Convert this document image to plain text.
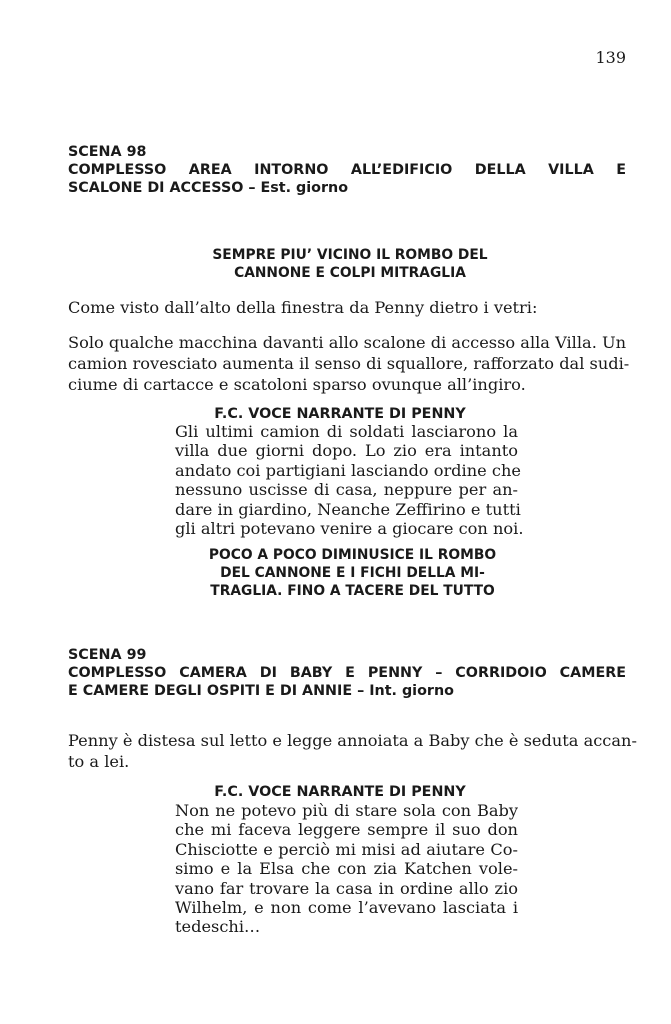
139
SCENA 98
COMPLESSO AREA INTORNO ALL’EDIFICIO DELLA VILLA E
SCALONE DI ACCESSO – Est. giorno
SEMPRE PIU’ VICINO IL ROMBO DEL
CANNONE E COLPI MITRAGLIA
Come visto dall’alto della finestra da Penny dietro i vetri:
Solo qualche macchina davanti allo scalone di accesso alla Villa. Un
camion rovesciato aumenta il senso di squallore, rafforzato dal sudi-
ciume di cartacce e scatoloni sparso ovunque all’ingiro.
F.C. VOCE NARRANTE DI PENNY
Gli ultimi camion di soldati lasciarono la
villa due giorni dopo. Lo zio era intanto
andato coi partigiani lasciando ordine che
nessuno uscisse di casa, neppure per an-
dare in giardino, Neanche Zeffirino e tutti
gli altri potevano venire a giocare con noi.
POCO A POCO DIMINUSICE IL ROMBO
DEL CANNONE E I FICHI DELLA MI-
TRAGLIA. FINO A TACERE DEL TUTTO
SCENA 99
COMPLESSO CAMERA DI BABY E PENNY – CORRIDOIO CAMERE
E CAMERE DEGLI OSPITI E DI ANNIE – Int. giorno
Penny è distesa sul letto e legge annoiata a Baby che è seduta accan-
to a lei.
F.C. VOCE NARRANTE DI PENNY
Non ne potevo più di stare sola con Baby
che mi faceva leggere sempre il suo don
Chisciotte e perciò mi misi ad aiutare Co-
simo e la Elsa che con zia Katchen vole-
vano far trovare la casa in ordine allo zio
Wilhelm, e non come l’avevano lasciata i
tedeschi…
